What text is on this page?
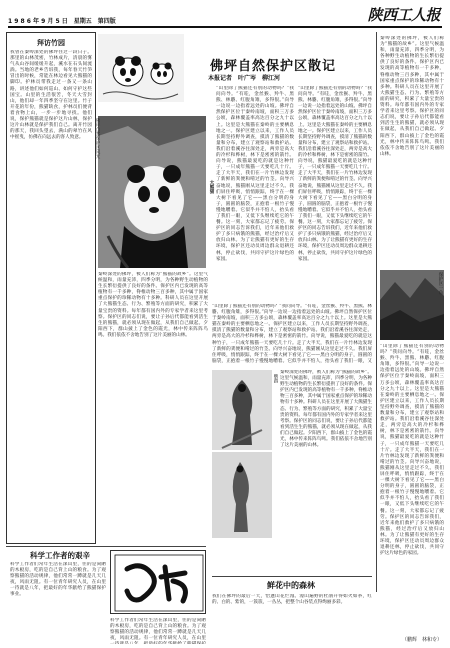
1 9 8 6 年 9 月 5 日　星期五　第四版	陕西工人报
拜访竹园
我曾在秦岭深处的佛坪住过一段日子。那里的山林茂密，竹林成片，清晨的雾气从山谷间缓缓升起，溪水在石头间流淌。当地的老乡告诉我，每年春天竹笋冒出的时候，常能在林边看见大熊猫的脚印。护林员带我走过一条又一条山路，讲述他们如何巡山、如何守护这些国宝。山里的生活很苦，冬天大雪封山，他们却一年四季坚守在这里。竹子开花的年份，熊猫缺食，护林员们便背着食物上山，一步一步地寻找。他们说，保护熊猫就是保护这片山林，保护这片山林就是保护我们自己。离开竹园的那天，我回头望去，满山的翠竹在风中摇曳，仿佛在向远去的客人致意。
佛坪自然保护区散记
本报记者　叶广岑　柳江河
佛坪自然保护区风光
大熊猫
“山里除了熊猫还有别的动物吗？”我问向导。“有哇，金丝猴、羚牛、黑熊、林麝、红腹角雉，多得很。”向导一边说一边指着远处的山坡。佛坪自然保护区位于秦岭南坡，面积三万多公顷，森林覆盖率高达百分之九十以上。这里是大熊猫在秦岭的主要栖息地之一。保护区建立以来，工作人员长期坚持野外调查，摸清了熊猫的数量和分布，建立了观察站和救护站。我们沿着溪谷往深处走，两旁是高大的冷杉和桦树，林下是密密的箭竹。向导说，熊猫最爱吃的就是这种竹子，一只成年熊猫一天要吃几十斤。走了大半天，我们在一片竹林边发现了新鲜的粪便和啃过的竹茎。向导兴奋地说，熊猫刚从这里走过不久。我们屏住呼吸，悄悄跟踪，终于在一棵大树下看见了它——黑白分明的身子，圆圆的脑袋，正抱着一根竹子慢慢地嚼着。它似乎并不怕人，抬头看了我们一眼，又低下头继续吃它的午餐。这一刻，大家都忘记了疲劳。保护区的同志告诉我们，近年来他们救护了多只病饿的熊猫，经过治疗后又放归山林。为了让熊猫有更好的生存环境，保护区还动员周边群众退耕还林，停止砍伐，共同守护这片绿色的家园。
“山里除了熊猫还有别的动物吗？”我问向导。“有哇，金丝猴、羚牛、黑熊、林麝、红腹角雉，多得很。”向导一边说一边指着远处的山坡。佛坪自然保护区位于秦岭南坡，面积三万多公顷，森林覆盖率高达百分之九十以上。这里是大熊猫在秦岭的主要栖息地之一。保护区建立以来，工作人员长期坚持野外调查，摸清了熊猫的数量和分布，建立了观察站和救护站。我们沿着溪谷往深处走，两旁是高大的冷杉和桦树，林下是密密的箭竹。向导说，熊猫最爱吃的就是这种竹子，一只成年熊猫一天要吃几十斤。走了大半天，我们在一片竹林边发现了新鲜的粪便和啃过的竹茎。向导兴奋地说，熊猫刚从这里走过不久。我们屏住呼吸，悄悄跟踪，终于在一棵大树下看见了它——黑白分明的身子，圆圆的脑袋，正抱着一根竹子慢慢地嚼着。它似乎并不怕人，抬头看了我们一眼，又低下头继续吃它的午餐。这一刻，大家都忘记了疲劳。保护区的同志告诉我们，近年来他们救护了多只病饿的熊猫，经过治疗后又放归山林。为了让熊猫有更好的生存环境，保护区还动员周边群众退耕还林，停止砍伐，共同守护这片绿色的家园。
秦岭深处的佛坪，被人们称为“熊猫的故乡”。这里气候温和，雨量充沛，四季分明，为各种野生动植物的生长繁衍提供了良好的条件。保护区内已发现的高等植物有一千多种，脊椎动物三百多种，其中属于国家重点保护的珍稀动物有十多种。科研人员在这里开展了大熊猫生态、行为、繁殖等方面的研究，积累了大量宝贵的资料。每年都有国内外的专家学者来这里考察。保护区的同志们说，要让子孙后代都能看到活生生的熊猫，就必须从现在做起，从我们自己做起。夕阳西下，群山披上了金色的霞光，林中传来阵阵鸟鸣。我们依依不舍地告别了这片美丽的山林。
保护区一角
“山里除了熊猫还有别的动物吗？”我问向导。“有哇，金丝猴、羚牛、黑熊、林麝、红腹角雉，多得很。”向导一边说一边指着远处的山坡。佛坪自然保护区位于秦岭南坡，面积三万多公顷，森林覆盖率高达百分之九十以上。这里是大熊猫在秦岭的主要栖息地之一。保护区建立以来，工作人员长期坚持野外调查，摸清了熊猫的数量和分布，建立了观察站和救护站。我们沿着溪谷往深处走，两旁是高大的冷杉和桦树，林下是密密的箭竹。向导说，熊猫最爱吃的就是这种竹子，一只成年熊猫一天要吃几十斤。走了大半天，我们在一片竹林边发现了新鲜的粪便和啃过的竹茎。向导兴奋地说，熊猫刚从这里走过不久。我们屏住呼吸，悄悄跟踪，终于在一棵大树下看见了它——黑白分明的身子，圆圆的脑袋，正抱着一根竹子慢慢地嚼着。它似乎并不怕人，抬头看了我们一眼，又低下头继续吃它的午餐。这一刻，大家都忘记了疲劳。保护区的同志告诉我们，近年来他们救护了多只病饿的熊猫，经过治疗后又放归山林。为了让熊猫有更好的生存环境，保护区还动员周边群众退耕还林，停止砍伐，共同守护这片绿色的家园。
秦岭深处的佛坪，被人们称为“熊猫的故乡”。这里气候温和，雨量充沛，四季分明，为各种野生动植物的生长繁衍提供了良好的条件。保护区内已发现的高等植物有一千多种，脊椎动物三百多种，其中属于国家重点保护的珍稀动物有十多种。科研人员在这里开展了大熊猫生态、行为、繁殖等方面的研究，积累了大量宝贵的资料。每年都有国内外的专家学者来这里考察。保护区的同志们说，要让子孙后代都能看到活生生的熊猫，就必须从现在做起，从我们自己做起。夕阳西下，群山披上了金色的霞光，林中传来阵阵鸟鸣。我们依依不舍地告别了这片美丽的山林。
“山里除了熊猫还有别的动物吗？”我问向导。“有哇，金丝猴、羚牛、黑熊、林麝、红腹角雉，多得很。”向导一边说一边指着远处的山坡。佛坪自然保护区位于秦岭南坡，面积三万多公顷，森林覆盖率高达百分之九十以上。这里是大熊猫在秦岭的主要栖息地之一。保护区建立以来，工作人员长期坚持野外调查，摸清了熊猫的数量和分布，建立了观察站和救护站。我们沿着溪谷往深处走，两旁是高大的冷杉和桦树，林下是密密的箭竹。向导说，熊猫最爱吃的就是这种竹子，一只成年熊猫一天要吃几十斤。走了大半天，我们在一片竹林边发现了新鲜的粪便和啃过的竹茎。向导兴奋地说，熊猫刚从这里走过不久。我们屏住呼吸，悄悄跟踪，终于在一棵大树下看见了它——黑白分明的身子，圆圆的脑袋，正抱着一根竹子慢慢地嚼着。它似乎并不怕人，抬头看了我们一眼，又
鹦鹉
秦岭深处的佛坪，被人们称为“熊猫的故乡”。这里气候温和，雨量充沛，四季分明，为各种野生动植物的生长繁衍提供了良好的条件。保护区内已发现的高等植物有一千多种，脊椎动物三百多种，其中属于国家重点保护的珍稀动物有十多种。科研人员在这里开展了大熊猫生态、行为、繁殖等方面的研究，积累了大量宝贵的资料。每年都有国内外的专家学者来这里考察。保护区的同志们说，要让子孙后代都能看到活生生的熊猫，就必须从现在做起，从我们自己做起。夕阳西下，群山披上了金色的霞光，林中传来阵阵鸟鸣。我们依依不舍地告别了这片美丽的山林。
科学工作者的艰辛
科学工作者们常年生活在深山里，住的是简陋的木板房，吃的是自己背上山的粮食。为了观察熊猫的活动规律，他们常常一蹲就是几天几夜，风雨无阻。有一位青年研究人员，在山里一待就是八年，把最好的年华献给了熊猫保护事业。
科学工作者们常年生活在深山里，住的是简陋的木板房，吃的是自己背上山的粮食。为了观察熊猫的活动规律，他们常常一蹲就是几天几夜，风雨无阻。有一位青年研究人员，在山里
鲜花中的森林
我们在佛坪的最后一天，恰逢山花烂漫。漫山遍野的杜鹃开得如火如荼，红的、白的、紫的，一簇簇，一丛丛，把整个山谷装点得绚丽多彩。
（鹏辉　林和专）
